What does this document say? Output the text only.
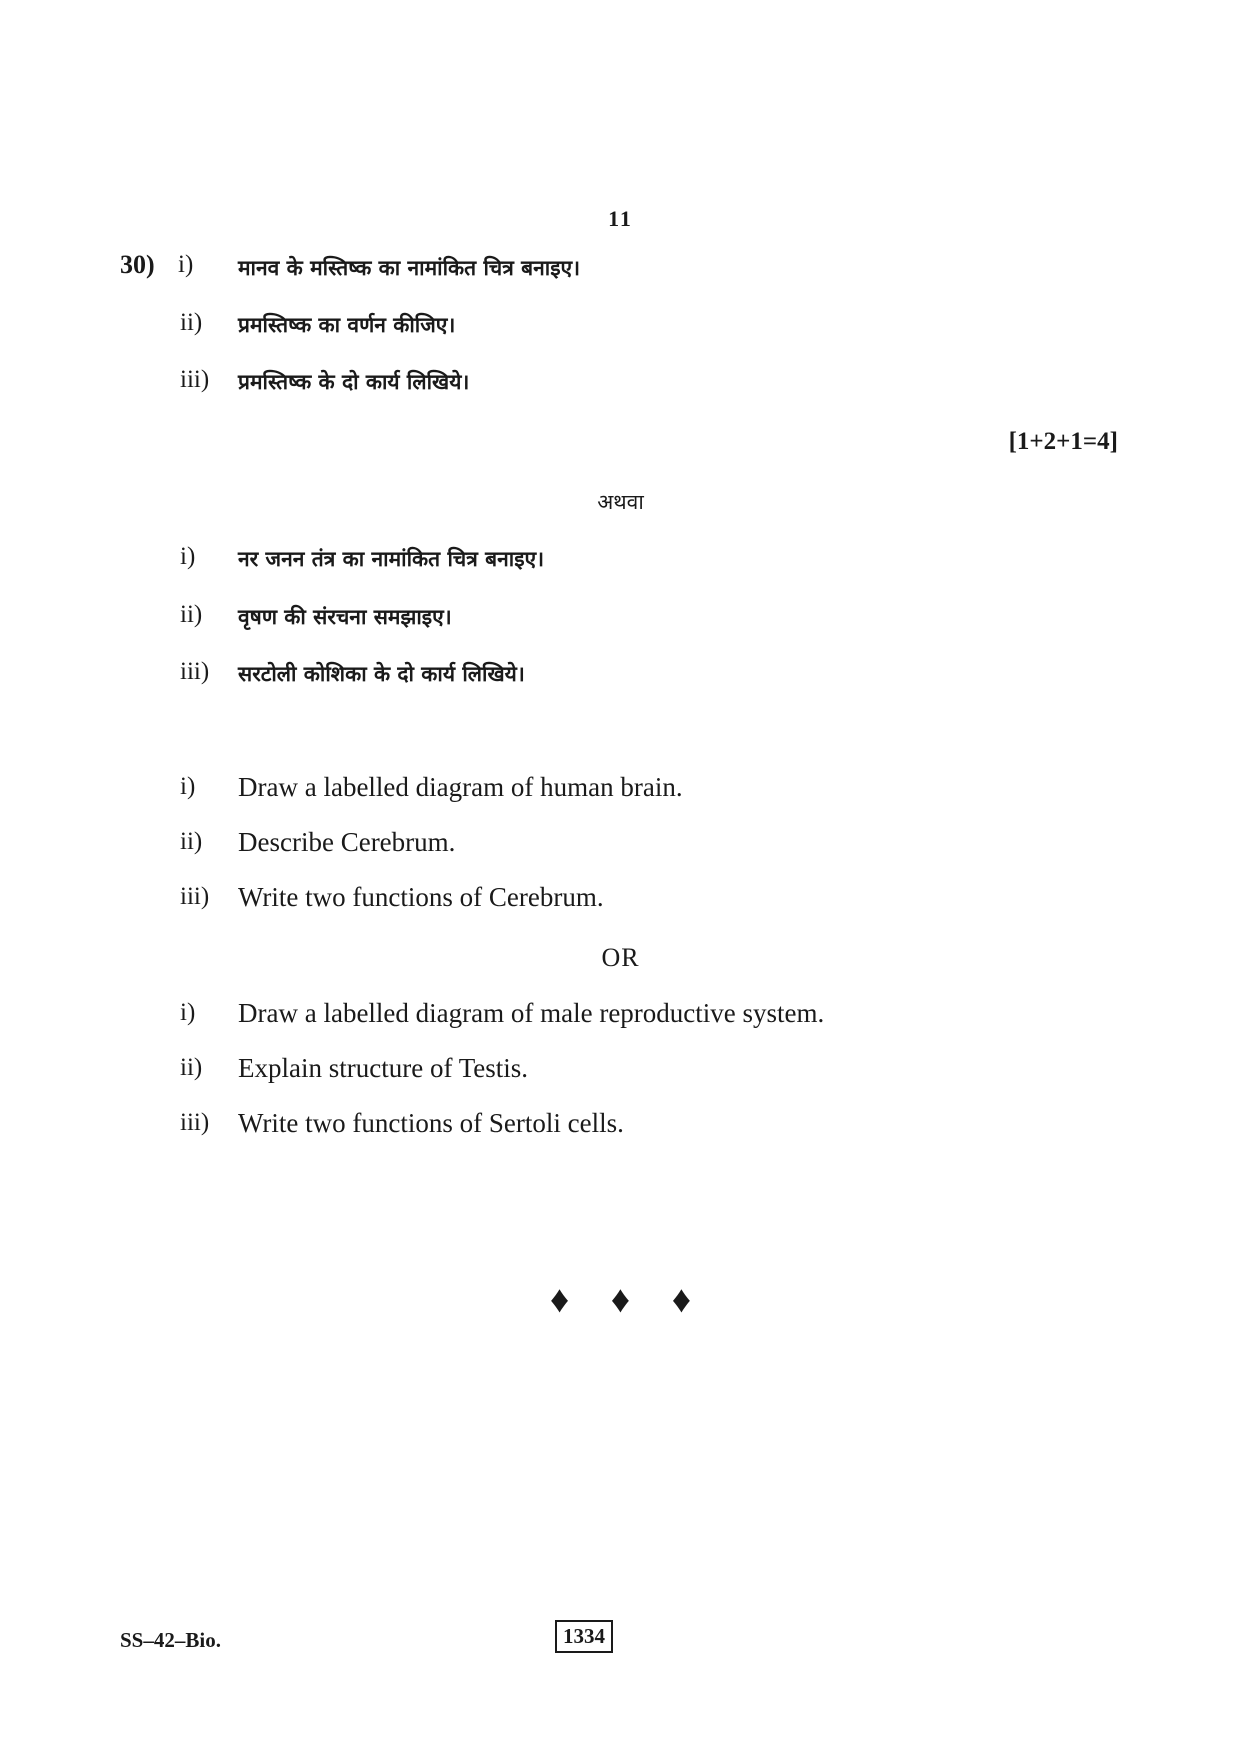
11
30) i) मानव के मस्तिष्क का नामांकित चित्र बनाइए।
ii) प्रमस्तिष्क का वर्णन कीजिए।
iii) प्रमस्तिष्क के दो कार्य लिखिये।
[1+2+1=4]
अथवा
i) नर जनन तंत्र का नामांकित चित्र बनाइए।
ii) वृषण की संरचना समझाइए।
iii) सरटोली कोशिका के दो कार्य लिखिये।
i) Draw a labelled diagram of human brain.
ii) Describe Cerebrum.
iii) Write two functions of Cerebrum.
OR
i) Draw a labelled diagram of male reproductive system.
ii) Explain structure of Testis.
iii) Write two functions of Sertoli cells.
♦ ♦ ♦
SS–42–Bio.	1334
